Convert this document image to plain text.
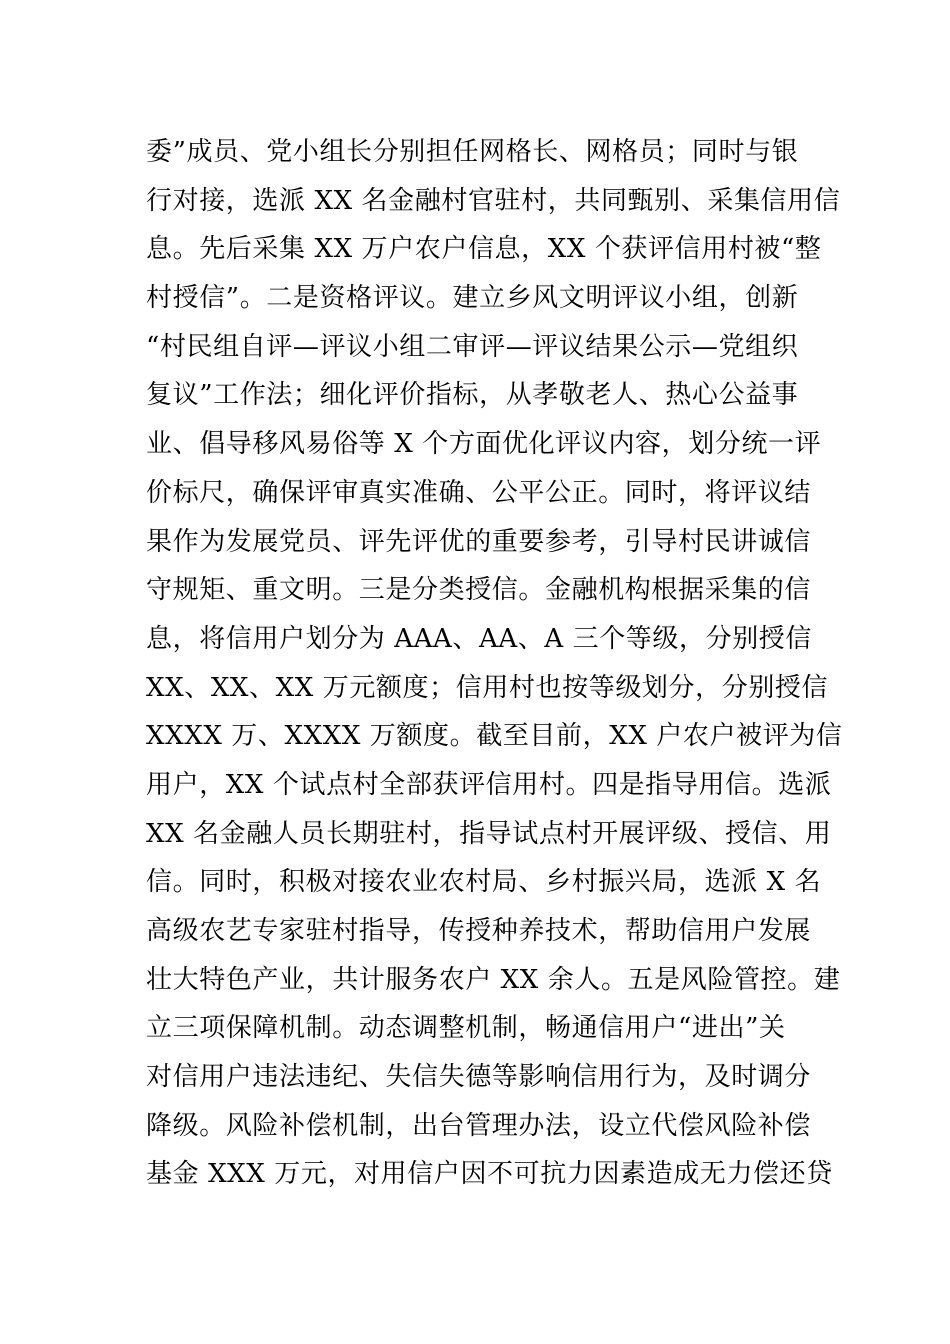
委”成员、党小组长分别担任网格长、网格员；同时与银
行对接，选派 XX 名金融村官驻村，共同甄别、采集信用信
息。先后采集 XX 万户农户信息，XX 个获评信用村被“整
村授信”。二是资格评议。建立乡风文明评议小组，创新
“村民组自评—评议小组二审评—评议结果公示—党组织
复议”工作法；细化评价指标，从孝敬老人、热心公益事
业、倡导移风易俗等 X 个方面优化评议内容，划分统一评
价标尺，确保评审真实准确、公平公正。同时，将评议结
果作为发展党员、评先评优的重要参考，引导村民讲诚信
守规矩、重文明。三是分类授信。金融机构根据采集的信
息，将信用户划分为 AAA、AA、A 三个等级，分别授信
XX、XX、XX 万元额度；信用村也按等级划分，分别授信
XXXX 万、XXXX 万额度。截至目前，XX 户农户被评为信
用户，XX 个试点村全部获评信用村。四是指导用信。选派
XX 名金融人员长期驻村，指导试点村开展评级、授信、用
信。同时，积极对接农业农村局、乡村振兴局，选派 X 名
高级农艺专家驻村指导，传授种养技术，帮助信用户发展
壮大特色产业，共计服务农户 XX 余人。五是风险管控。建
立三项保障机制。动态调整机制，畅通信用户“进出”关
对信用户违法违纪、失信失德等影响信用行为，及时调分
降级。风险补偿机制，出台管理办法，设立代偿风险补偿
基金 XXX 万元，对用信户因不可抗力因素造成无力偿还贷
